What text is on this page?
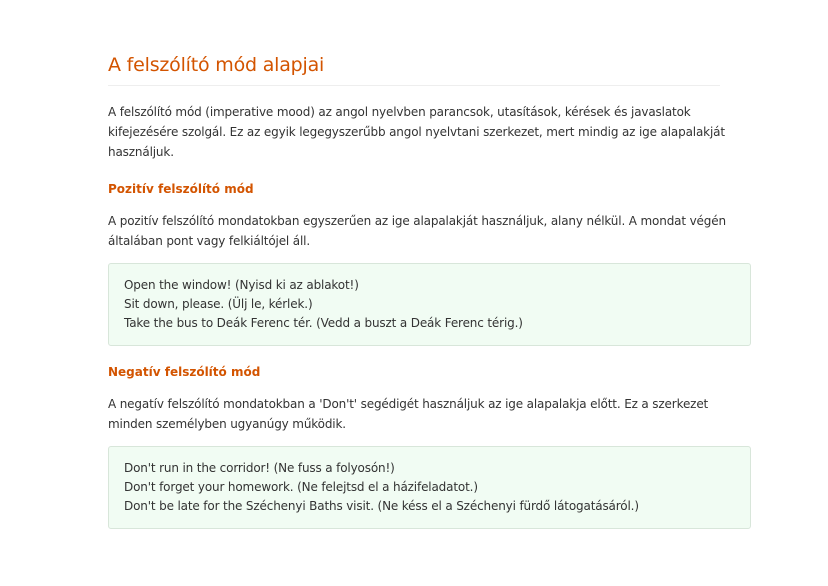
A felszólító mód alapjai

A felszólító mód (imperative mood) az angol nyelvben parancsok, utasítások, kérések és javaslatok kifejezésére szolgál. Ez az egyik legegyszerűbb angol nyelvtani szerkezet, mert mindig az ige alapalakját használjuk.

Pozitív felszólító mód

A pozitív felszólító mondatokban egyszerűen az ige alapalakját használjuk, alany nélkül. A mondat végén általában pont vagy felkiáltójel áll.

Open the window! (Nyisd ki az ablakot!)
Sit down, please. (Ülj le, kérlek.)
Take the bus to Deák Ferenc tér. (Vedd a buszt a Deák Ferenc térig.)
Negatív felszólító mód

A negatív felszólító mondatokban a 'Don't' segédigét használjuk az ige alapalakja előtt. Ez a szerkezet minden személyben ugyanúgy működik.

Don't run in the corridor! (Ne fuss a folyosón!)
Don't forget your homework. (Ne felejtsd el a házifeladatot.)
Don't be late for the Széchenyi Baths visit. (Ne késs el a Széchenyi fürdő látogatásáról.)
